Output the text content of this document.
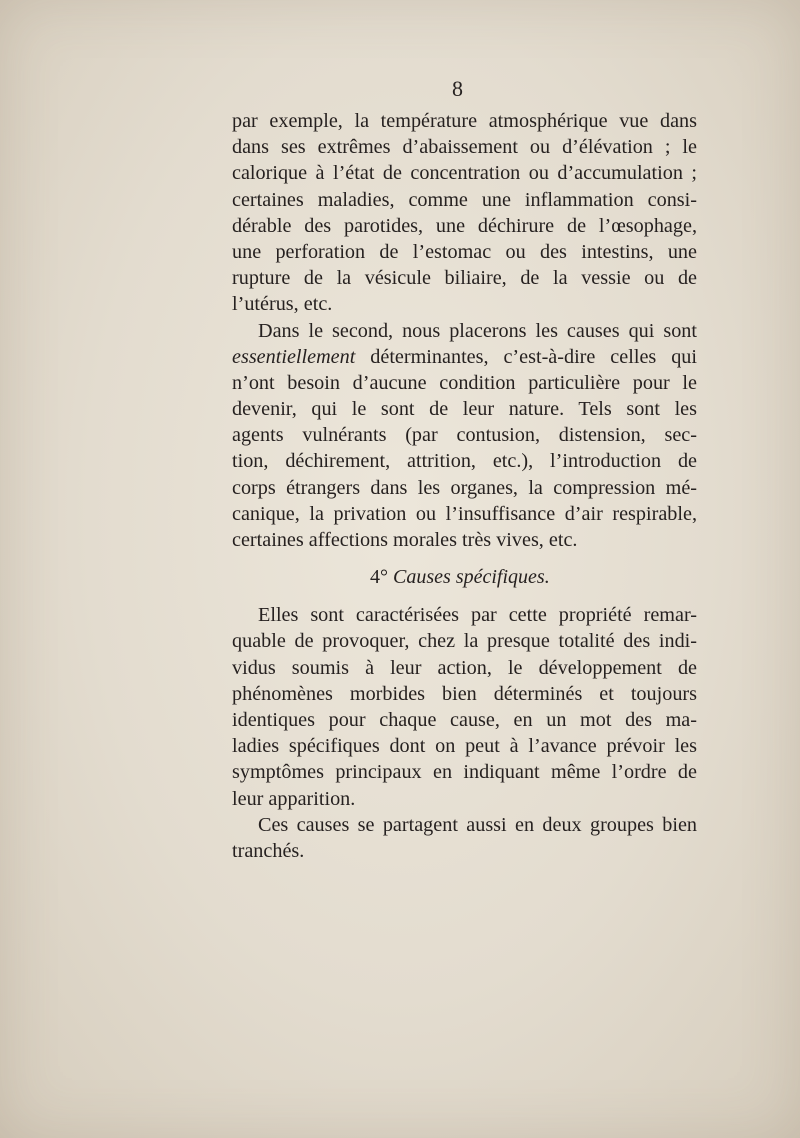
8
par exemple, la température atmosphérique vue dans
dans ses extrêmes d’abaissement ou d’élévation ; le
calorique à l’état de concentration ou d’accumulation ;
certaines maladies, comme une inflammation consi-
dérable des parotides, une déchirure de l’œsophage,
une perforation de l’estomac ou des intestins, une
rupture de la vésicule biliaire, de la vessie ou de
l’utérus, etc.
Dans le second, nous placerons les causes qui sont
essentiellement déterminantes, c’est-à-dire celles qui
n’ont besoin d’aucune condition particulière pour le
devenir, qui le sont de leur nature. Tels sont les
agents vulnérants (par contusion, distension, sec-
tion, déchirement, attrition, etc.), l’introduction de
corps étrangers dans les organes, la compression mé-
canique, la privation ou l’insuffisance d’air respirable,
certaines affections morales très vives, etc.
4° Causes spécifiques.
Elles sont caractérisées par cette propriété remar-
quable de provoquer, chez la presque totalité des indi-
vidus soumis à leur action, le développement de
phénomènes morbides bien déterminés et toujours
identiques pour chaque cause, en un mot des ma-
ladies spécifiques dont on peut à l’avance prévoir les
symptômes principaux en indiquant même l’ordre de
leur apparition.
Ces causes se partagent aussi en deux groupes bien
tranchés.
